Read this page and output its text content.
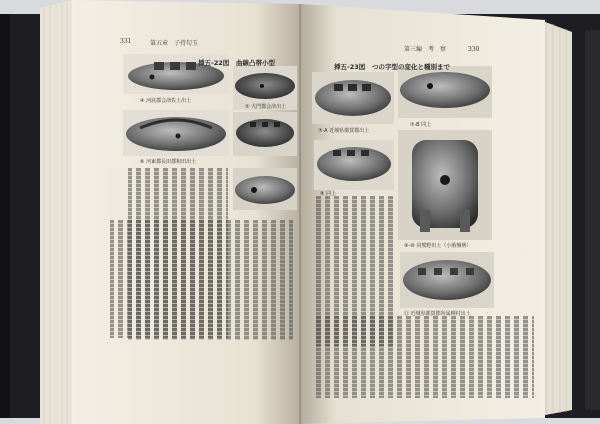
331	第五章　子持勾玉
挿五-22図 曲線凸帯小型
④ 河底郡会津佐土出土
⑤ 大門郡会津出土
⑥ 河東郡長田郡和田出土
第三編　考　察	330
挿五-23図 つの字型の変化と種別まで
⑦-A 近城県都賀郡出土
⑧ 同上
⑦-B 同上
⑨-⑩ 同熊野出土（小胎盤例）
⑪ 近城県都賀郡所属柳村出土
